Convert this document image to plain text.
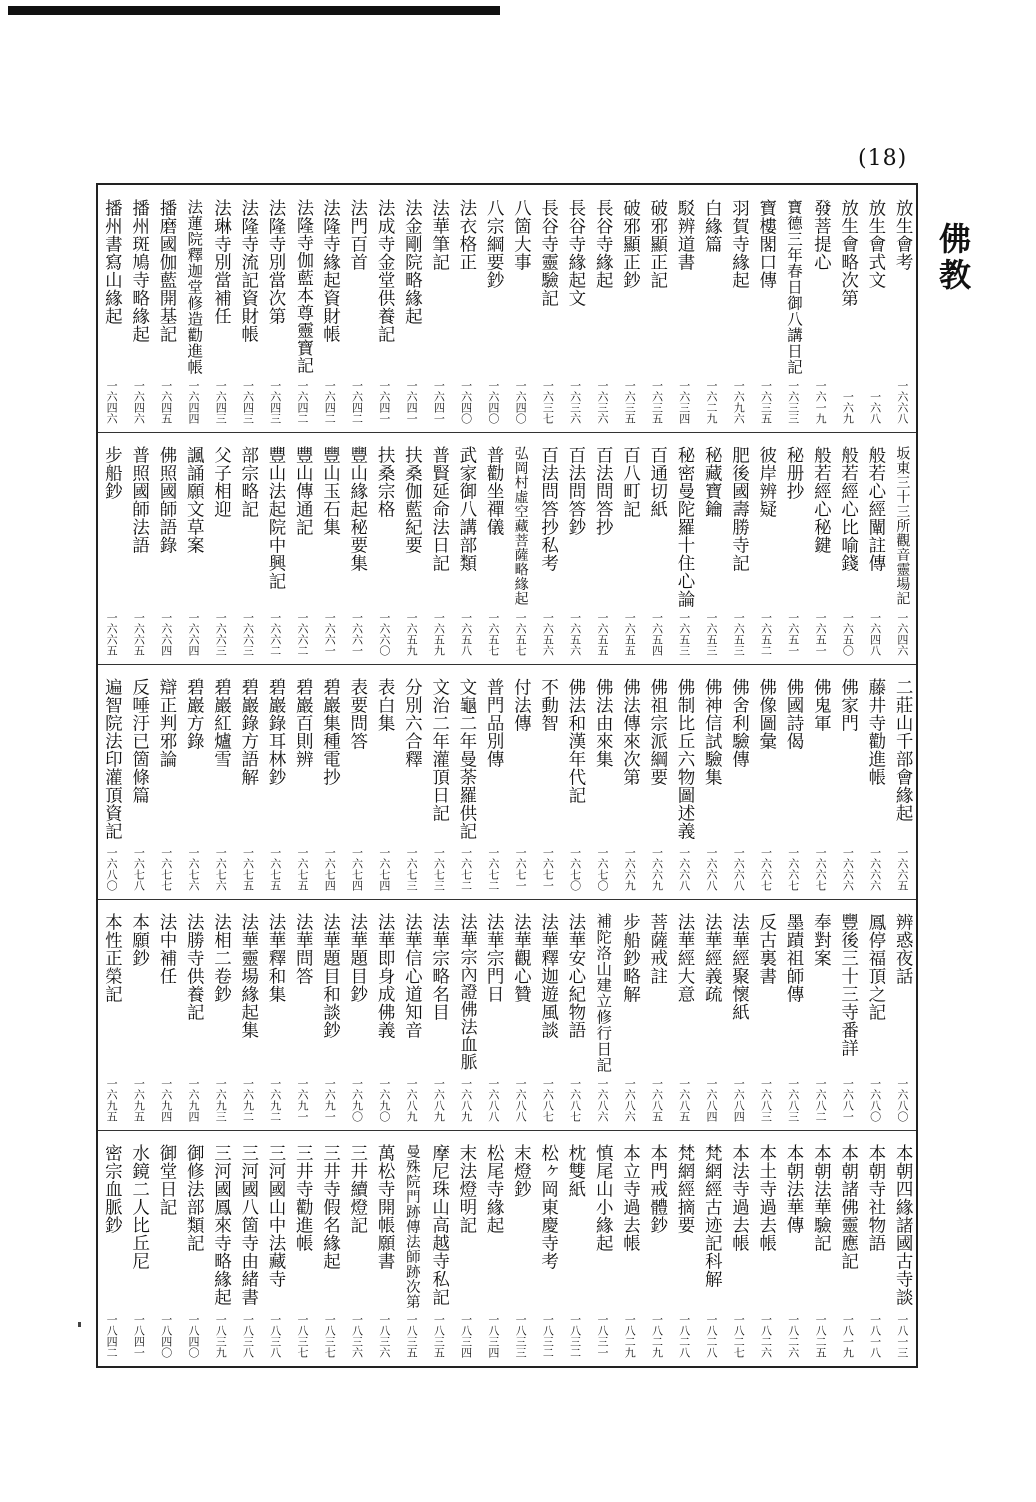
(18)
佛教
放生會考
一六六八
放生會式文
一六八
放生會略次第
一六九
發菩提心
一六一九
寶德三年春日御八講日記
一六三三
寶樓閣口傳
一六三五
羽賀寺緣起
一六九六
白緣篇
一六二九
駁辨道書
一六三四
破邪顯正記
一六三五
破邪顯正鈔
一六三五
長谷寺緣起
一六三六
長谷寺緣起文
一六三六
長谷寺靈驗記
一六三七
八箇大事
一六四〇
八宗綱要鈔
一六四〇
法衣格正
一六四〇
法華筆記
一六四一
法金剛院略緣起
一六四一
法成寺金堂供養記
一六四一
法門百首
一六四二
法隆寺緣起資財帳
一六四二
法隆寺伽藍本尊靈寶記
一六四二
法隆寺別當次第
一六四三
法隆寺流記資財帳
一六四三
法琳寺別當補任
一六四三
法蓮院釋迦堂修造勸進帳
一六四四
播磨國伽藍開基記
一六四五
播州斑鳩寺略緣起
一六四六
播州書寫山緣起
一六四六
坂東三十三所觀音靈場記
一六四六
般若心經闡註傳
一六四八
般若經心比喻錢
一六五〇
般若經心秘鍵
一六五一
秘册抄
一六五一
彼岸辨疑
一六五二
肥後國壽勝寺記
一六五三
秘藏寶鑰
一六五三
秘密曼陀羅十住心論
一六五三
百通切紙
一六五四
百八町記
一六五五
百法問答抄
一六五五
百法問答鈔
一六五六
百法問答抄私考
一六五六
弘岡村虛空藏菩薩略緣起
一六五七
普勸坐禪儀
一六五七
武家御八講部類
一六五八
普賢延命法日記
一六五九
扶桑伽藍紀要
一六五九
扶桑宗格
一六六〇
豐山緣起秘要集
一六六一
豐山玉石集
一六六一
豐山傳通記
一六六二
豐山法起院中興記
一六六二
部宗略記
一六六三
父子相迎
一六六三
諷誦願文草案
一六六四
佛照國師語錄
一六六四
普照國師法語
一六六五
步船鈔
一六六五
二莊山千部會緣起
一六六五
藤井寺勸進帳
一六六六
佛家門
一六六六
佛鬼軍
一六六七
佛國詩偈
一六六七
佛像圖彙
一六六七
佛舍利驗傳
一六六八
佛神信試驗集
一六六八
佛制比丘六物圖述義
一六六八
佛祖宗派綱要
一六六九
佛法傳來次第
一六六九
佛法由來集
一六七〇
佛法和漢年代記
一六七〇
不動智
一六七一
付法傳
一六七一
普門品別傳
一六七二
文龜二年曼荼羅供記
一六七二
文治二年灌頂日記
一六七三
分別六合釋
一六七三
表白集
一六七四
表要問答
一六七四
碧巖集種電抄
一六七四
碧巖百則辨
一六七五
碧巖錄耳林鈔
一六七五
碧巖錄方語解
一六七五
碧巖紅爐雪
一六七六
碧巖方錄
一六七六
辯正判邪論
一六七七
反唾汙已箇條篇
一六七八
遍智院法印灌頂資記
一六八〇
辨惑夜話
一六八〇
鳳停福頂之記
一六八〇
豐後三十三寺番詳
一六八一
奉對案
一六八二
墨蹟祖師傳
一六八三
反古裏書
一六八三
法華經聚懷紙
一六八四
法華經義疏
一六八四
法華經大意
一六八五
菩薩戒註
一六八五
步船鈔略解
一六八六
補陀洛山建立修行日記
一六八六
法華安心紀物語
一六八七
法華釋迦遊風談
一六八七
法華觀心贊
一六八八
法華宗門日
一六八八
法華宗內證佛法血脈
一六八九
法華宗略名目
一六八九
法華信心道知音
一六八九
法華即身成佛義
一六九〇
法華題目鈔
一六九〇
法華題目和談鈔
一六九一
法華問答
一六九一
法華釋和集
一六九二
法華靈場緣起集
一六九二
法相二卷鈔
一六九三
法勝寺供養記
一六九四
法中補任
一六九四
本願鈔
一六九五
本性正榮記
一六九五
本朝四緣諸國古寺談
一八一三
本朝寺社物語
一八一八
本朝諸佛靈應記
一八一九
本朝法華驗記
一八二五
本朝法華傳
一八二六
本土寺過去帳
一八二六
本法寺過去帳
一八二七
梵網經古迹記科解
一八二八
梵網經摘要
一八二八
本門戒體鈔
一八二九
本立寺過去帳
一八二九
慎尾山小緣起
一八三一
枕雙紙
一八三二
松ヶ岡東慶寺考
一八三二
末燈鈔
一八三三
松尾寺緣起
一八三四
末法燈明記
一八三四
摩尼珠山高越寺私記
一八三五
曼殊院門跡傳法師跡次第
一八三五
萬松寺開帳願書
一八三六
三井續燈記
一八三六
三井寺假名緣起
一八三七
三井寺勸進帳
一八三七
三河國山中法藏寺
一八三八
三河國八箇寺由緒書
一八三八
三河國鳳來寺略緣起
一八三九
御修法部類記
一八四〇
御堂日記
一八四〇
水鏡二人比丘尼
一八四一
密宗血脈鈔
一八四二
